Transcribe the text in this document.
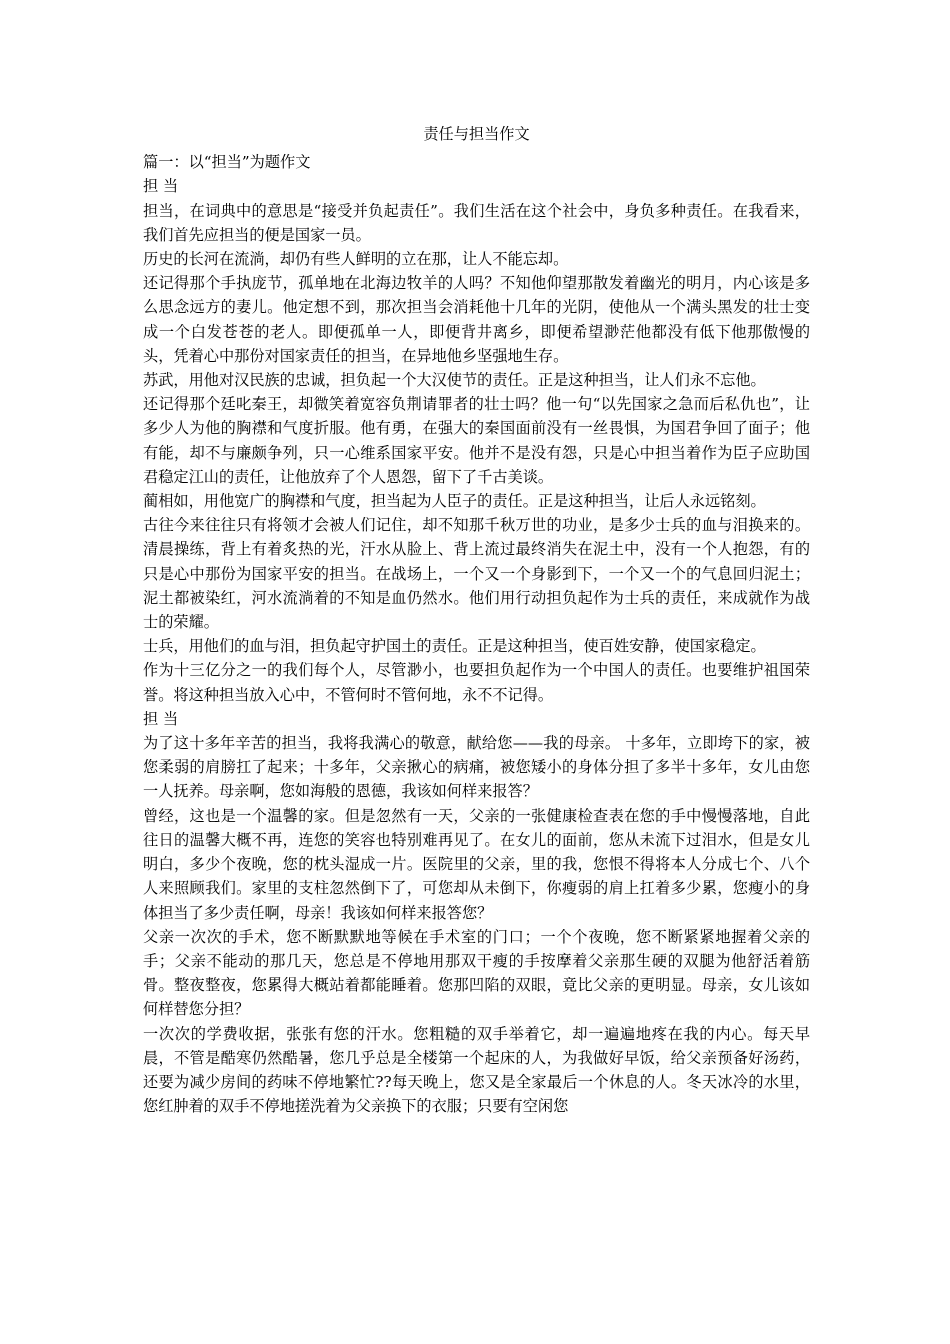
责任与担当作文

篇一：以“担当”为题作文

担 当

担当，在词典中的意思是“接受并负起责任”。我们生活在这个社会中，身负多种责任。在我看来，我们首先应担当的便是国家一员。

历史的长河在流淌，却仍有些人鲜明的立在那，让人不能忘却。

还记得那个手执庞节，孤单地在北海边牧羊的人吗？不知他仰望那散发着幽光的明月，内心该是多么思念远方的妻儿。他定想不到，那次担当会消耗他十几年的光阴，使他从一个满头黑发的壮士变成一个白发苍苍的老人。即便孤单一人，即便背井离乡，即便希望渺茫他都没有低下他那傲慢的头，凭着心中那份对国家责任的担当，在异地他乡坚强地生存。

苏武，用他对汉民族的忠诚，担负起一个大汉使节的责任。正是这种担当，让人们永不忘他。

还记得那个廷叱秦王，却微笑着宽容负荆请罪者的壮士吗？他一句“以先国家之急而后私仇也”，让多少人为他的胸襟和气度折服。他有勇，在强大的秦国面前没有一丝畏惧，为国君争回了面子；他有能，却不与廉颇争列，只一心维系国家平安。他并不是没有怨，只是心中担当着作为臣子应助国君稳定江山的责任，让他放弃了个人恩怨，留下了千古美谈。

蔺相如，用他宽广的胸襟和气度，担当起为人臣子的责任。正是这种担当，让后人永远铭刻。

古往今来往往只有将领才会被人们记住，却不知那千秋万世的功业，是多少士兵的血与泪换来的。清晨操练，背上有着炙热的光，汗水从脸上、背上流过最终消失在泥土中，没有一个人抱怨，有的只是心中那份为国家平安的担当。在战场上，一个又一个身影到下，一个又一个的气息回归泥土；泥土都被染红，河水流淌着的不知是血仍然水。他们用行动担负起作为士兵的责任，来成就作为战士的荣耀。

士兵，用他们的血与泪，担负起守护国土的责任。正是这种担当，使百姓安静，使国家稳定。

作为十三亿分之一的我们每个人，尽管渺小，也要担负起作为一个中国人的责任。也要维护祖国荣誉。将这种担当放入心中，不管何时不管何地，永不不记得。

担 当

为了这十多年辛苦的担当，我将我满心的敬意，献给您——我的母亲。 十多年，立即垮下的家，被您柔弱的肩膀扛了起来；十多年，父亲揪心的病痛，被您矮小的身体分担了多半十多年，女儿由您一人抚养。母亲啊，您如海般的恩德，我该如何样来报答？

曾经，这也是一个温馨的家。但是忽然有一天，父亲的一张健康检查表在您的手中慢慢落地，自此往日的温馨大概不再，连您的笑容也特别难再见了。在女儿的面前，您从未流下过泪水，但是女儿明白，多少个夜晚，您的枕头湿成一片。医院里的父亲，里的我，您恨不得将本人分成七个、八个人来照顾我们。家里的支柱忽然倒下了，可您却从未倒下，你瘦弱的肩上扛着多少累，您瘦小的身体担当了多少责任啊，母亲！我该如何样来报答您？

父亲一次次的手术，您不断默默地等候在手术室的门口；一个个夜晚，您不断紧紧地握着父亲的手；父亲不能动的那几天，您总是不停地用那双干瘦的手按摩着父亲那生硬的双腿为他舒活着筋骨。整夜整夜，您累得大概站着都能睡着。您那凹陷的双眼，竟比父亲的更明显。母亲，女儿该如何样替您分担？

一次次的学费收据，张张有您的汗水。您粗糙的双手举着它，却一遍遍地疼在我的内心。每天早晨，不管是酷寒仍然酷暑，您几乎总是全楼第一个起床的人，为我做好早饭，给父亲预备好汤药，还要为减少房间的药味不停地繁忙??每天晚上，您又是全家最后一个休息的人。冬天冰冷的水里，您红肿着的双手不停地搓洗着为父亲换下的衣服；只要有空闲您
